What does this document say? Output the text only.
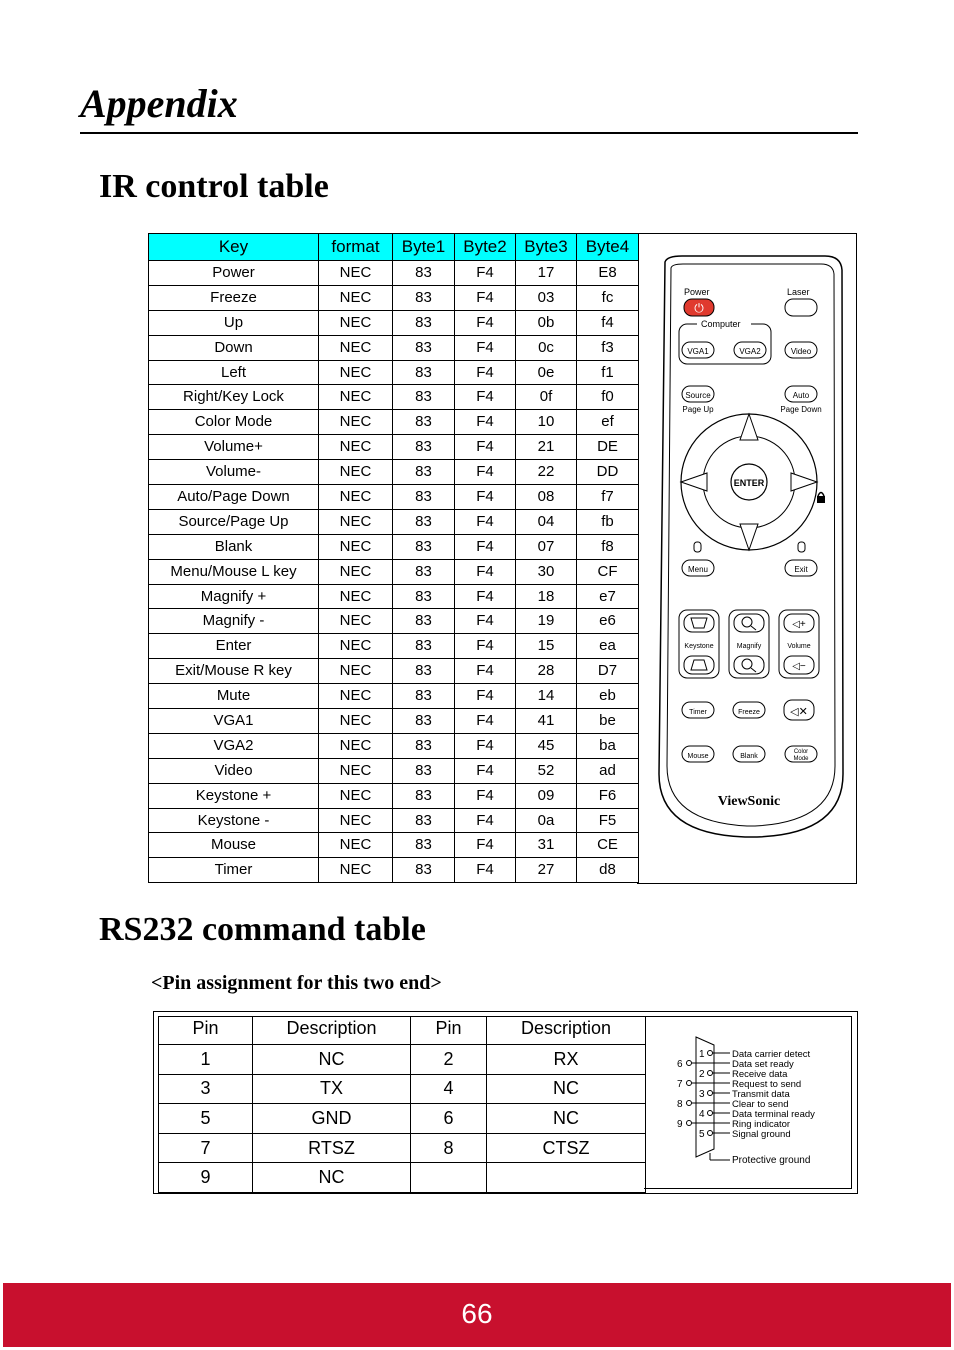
Appendix
IR control table
Key	format	Byte1	Byte2	Byte3	Byte4
Power	NEC	83	F4	17	E8
Freeze	NEC	83	F4	03	fc
Up	NEC	83	F4	0b	f4
Down	NEC	83	F4	0c	f3
Left	NEC	83	F4	0e	f1
Right/Key Lock	NEC	83	F4	0f	f0
Color Mode	NEC	83	F4	10	ef
Volume+	NEC	83	F4	21	DE
Volume-	NEC	83	F4	22	DD
Auto/Page Down	NEC	83	F4	08	f7
Source/Page Up	NEC	83	F4	04	fb
Blank	NEC	83	F4	07	f8
Menu/Mouse L key	NEC	83	F4	30	CF
Magnify +	NEC	83	F4	18	e7
Magnify -	NEC	83	F4	19	e6
Enter	NEC	83	F4	15	ea
Exit/Mouse R key	NEC	83	F4	28	D7
Mute	NEC	83	F4	14	eb
VGA1	NEC	83	F4	41	be
VGA2	NEC	83	F4	45	ba
Video	NEC	83	F4	52	ad
Keystone +	NEC	83	F4	09	F6
Keystone -	NEC	83	F4	0a	F5
Mouse	NEC	83	F4	31	CE
Timer	NEC	83	F4	27	d8
Power
⏻
Laser
Computer
VGA1	VGA2	Video
Source
Page Up
Auto
Page Down
ENTER
Menu	Exit
Keystone	Magnify
◁+
Volume
◁−
Timer	Freeze	◁✕
Mouse	Blank
Color
Mode
ViewSonic
RS232 command table
<Pin assignment for this two end>
Pin	Description	Pin	Description
1	NC	2	RX
3	TX	4	NC
5	GND	6	NC
7	RTSZ	8	CTSZ
9	NC		
6
7
8
9
1
2
3
4
5
Data carrier detect
Data set ready
Receive data
Request to send
Transmit data
Clear to send
Data terminal ready
Ring indicator
Signal ground
Protective ground
66
